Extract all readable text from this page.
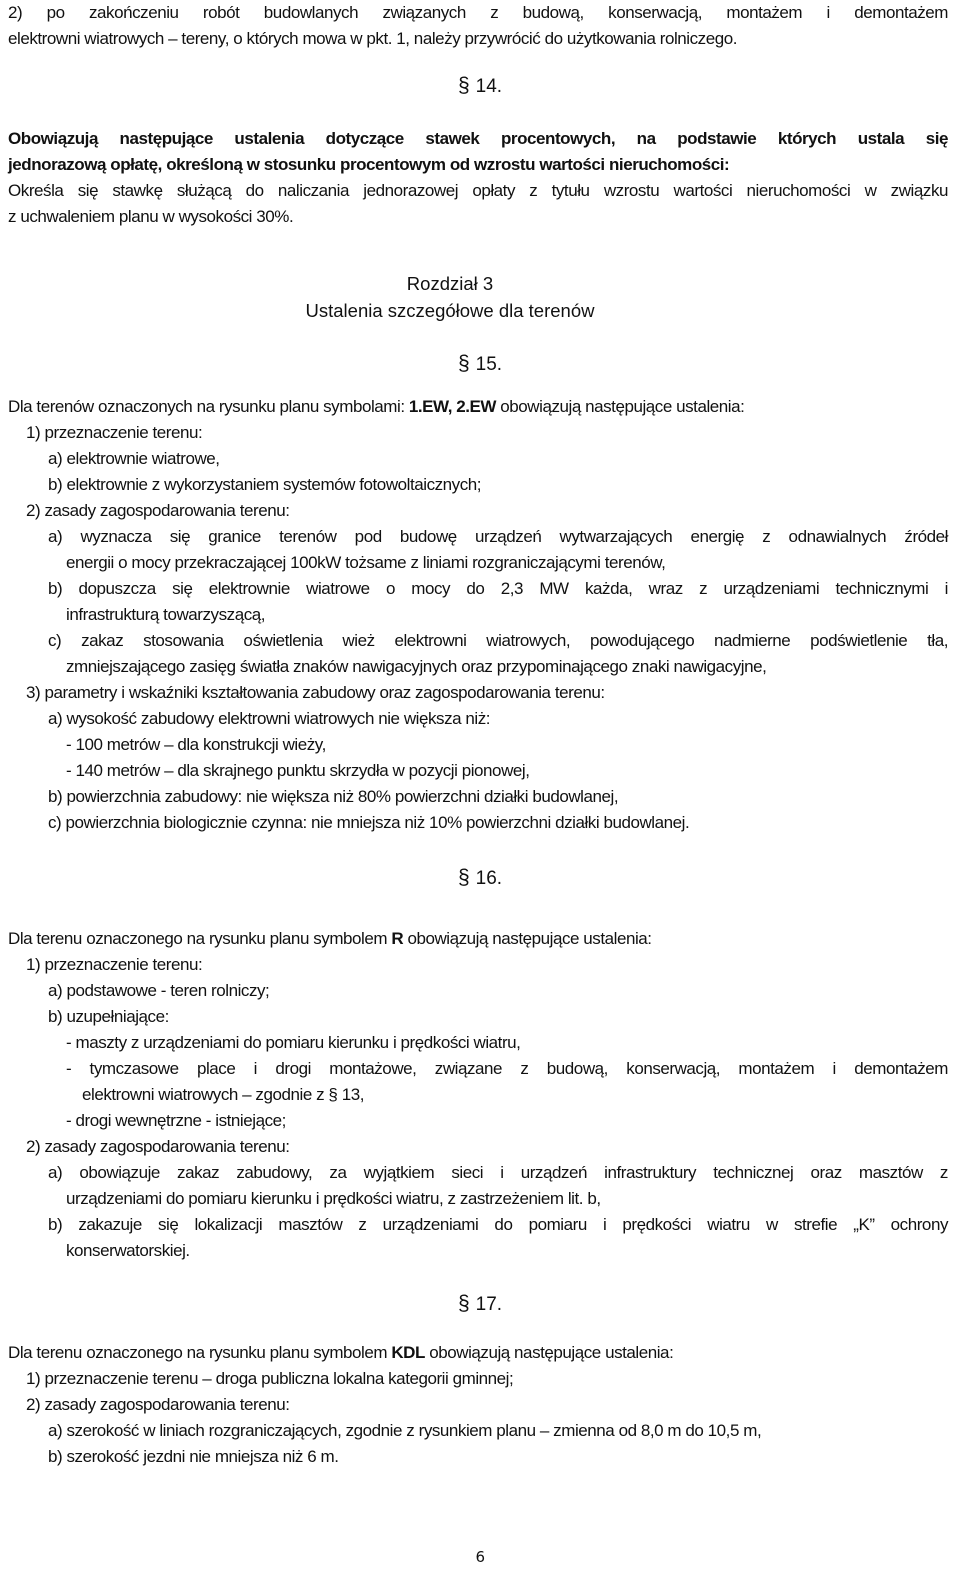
2) po zakończeniu robót budowlanych związanych z budową, konserwacją, montażem i demontażem
elektrowni wiatrowych – tereny, o których mowa w pkt. 1, należy przywrócić do użytkowania rolniczego.
§ 14.
Obowiązują następujące ustalenia dotyczące stawek procentowych, na podstawie których ustala się
jednorazową opłatę, określoną w stosunku procentowym od wzrostu wartości nieruchomości:
Określa się stawkę służącą do naliczania jednorazowej opłaty z tytułu wzrostu wartości nieruchomości w związku
z uchwaleniem planu w wysokości 30%.
Rozdział 3
Ustalenia szczegółowe dla terenów
§ 15.
Dla terenów oznaczonych na rysunku planu symbolami: 1.EW, 2.EW obowiązują następujące ustalenia:
1) przeznaczenie terenu:
a) elektrownie wiatrowe,
b) elektrownie z wykorzystaniem systemów fotowoltaicznych;
2) zasady zagospodarowania terenu:
a) wyznacza się granice terenów pod budowę urządzeń wytwarzających energię z odnawialnych źródeł
energii o mocy przekraczającej 100kW tożsame z liniami rozgraniczającymi terenów,
b) dopuszcza się elektrownie wiatrowe o mocy do 2,3 MW każda, wraz z urządzeniami technicznymi i
infrastrukturą towarzyszącą,
c) zakaz stosowania oświetlenia wież elektrowni wiatrowych, powodującego nadmierne podświetlenie tła,
zmniejszającego zasięg światła znaków nawigacyjnych oraz przypominającego znaki nawigacyjne,
3) parametry i wskaźniki kształtowania zabudowy oraz zagospodarowania terenu:
a) wysokość zabudowy elektrowni wiatrowych nie większa niż:
- 100 metrów – dla konstrukcji wieży,
- 140 metrów – dla skrajnego punktu skrzydła w pozycji pionowej,
b) powierzchnia zabudowy: nie większa niż 80% powierzchni działki budowlanej,
c) powierzchnia biologicznie czynna: nie mniejsza niż 10% powierzchni działki budowlanej.
§ 16.
Dla terenu oznaczonego na rysunku planu symbolem R obowiązują następujące ustalenia:
1) przeznaczenie terenu:
a) podstawowe - teren rolniczy;
b) uzupełniające:
- maszty z urządzeniami do pomiaru kierunku i prędkości wiatru,
- tymczasowe place i drogi montażowe, związane z budową, konserwacją, montażem i demontażem
elektrowni wiatrowych – zgodnie z § 13,
- drogi wewnętrzne - istniejące;
2) zasady zagospodarowania terenu:
a) obowiązuje zakaz zabudowy, za wyjątkiem sieci i urządzeń infrastruktury technicznej oraz masztów z
urządzeniami do pomiaru kierunku i prędkości wiatru, z zastrzeżeniem lit. b,
b) zakazuje się lokalizacji masztów z urządzeniami do pomiaru i prędkości wiatru w strefie „K” ochrony
konserwatorskiej.
§ 17.
Dla terenu oznaczonego na rysunku planu symbolem KDL obowiązują następujące ustalenia:
1) przeznaczenie terenu – droga publiczna lokalna kategorii gminnej;
2) zasady zagospodarowania terenu:
a) szerokość w liniach rozgraniczających, zgodnie z rysunkiem planu – zmienna od 8,0 m do 10,5 m,
b) szerokość jezdni nie mniejsza niż 6 m.
6
